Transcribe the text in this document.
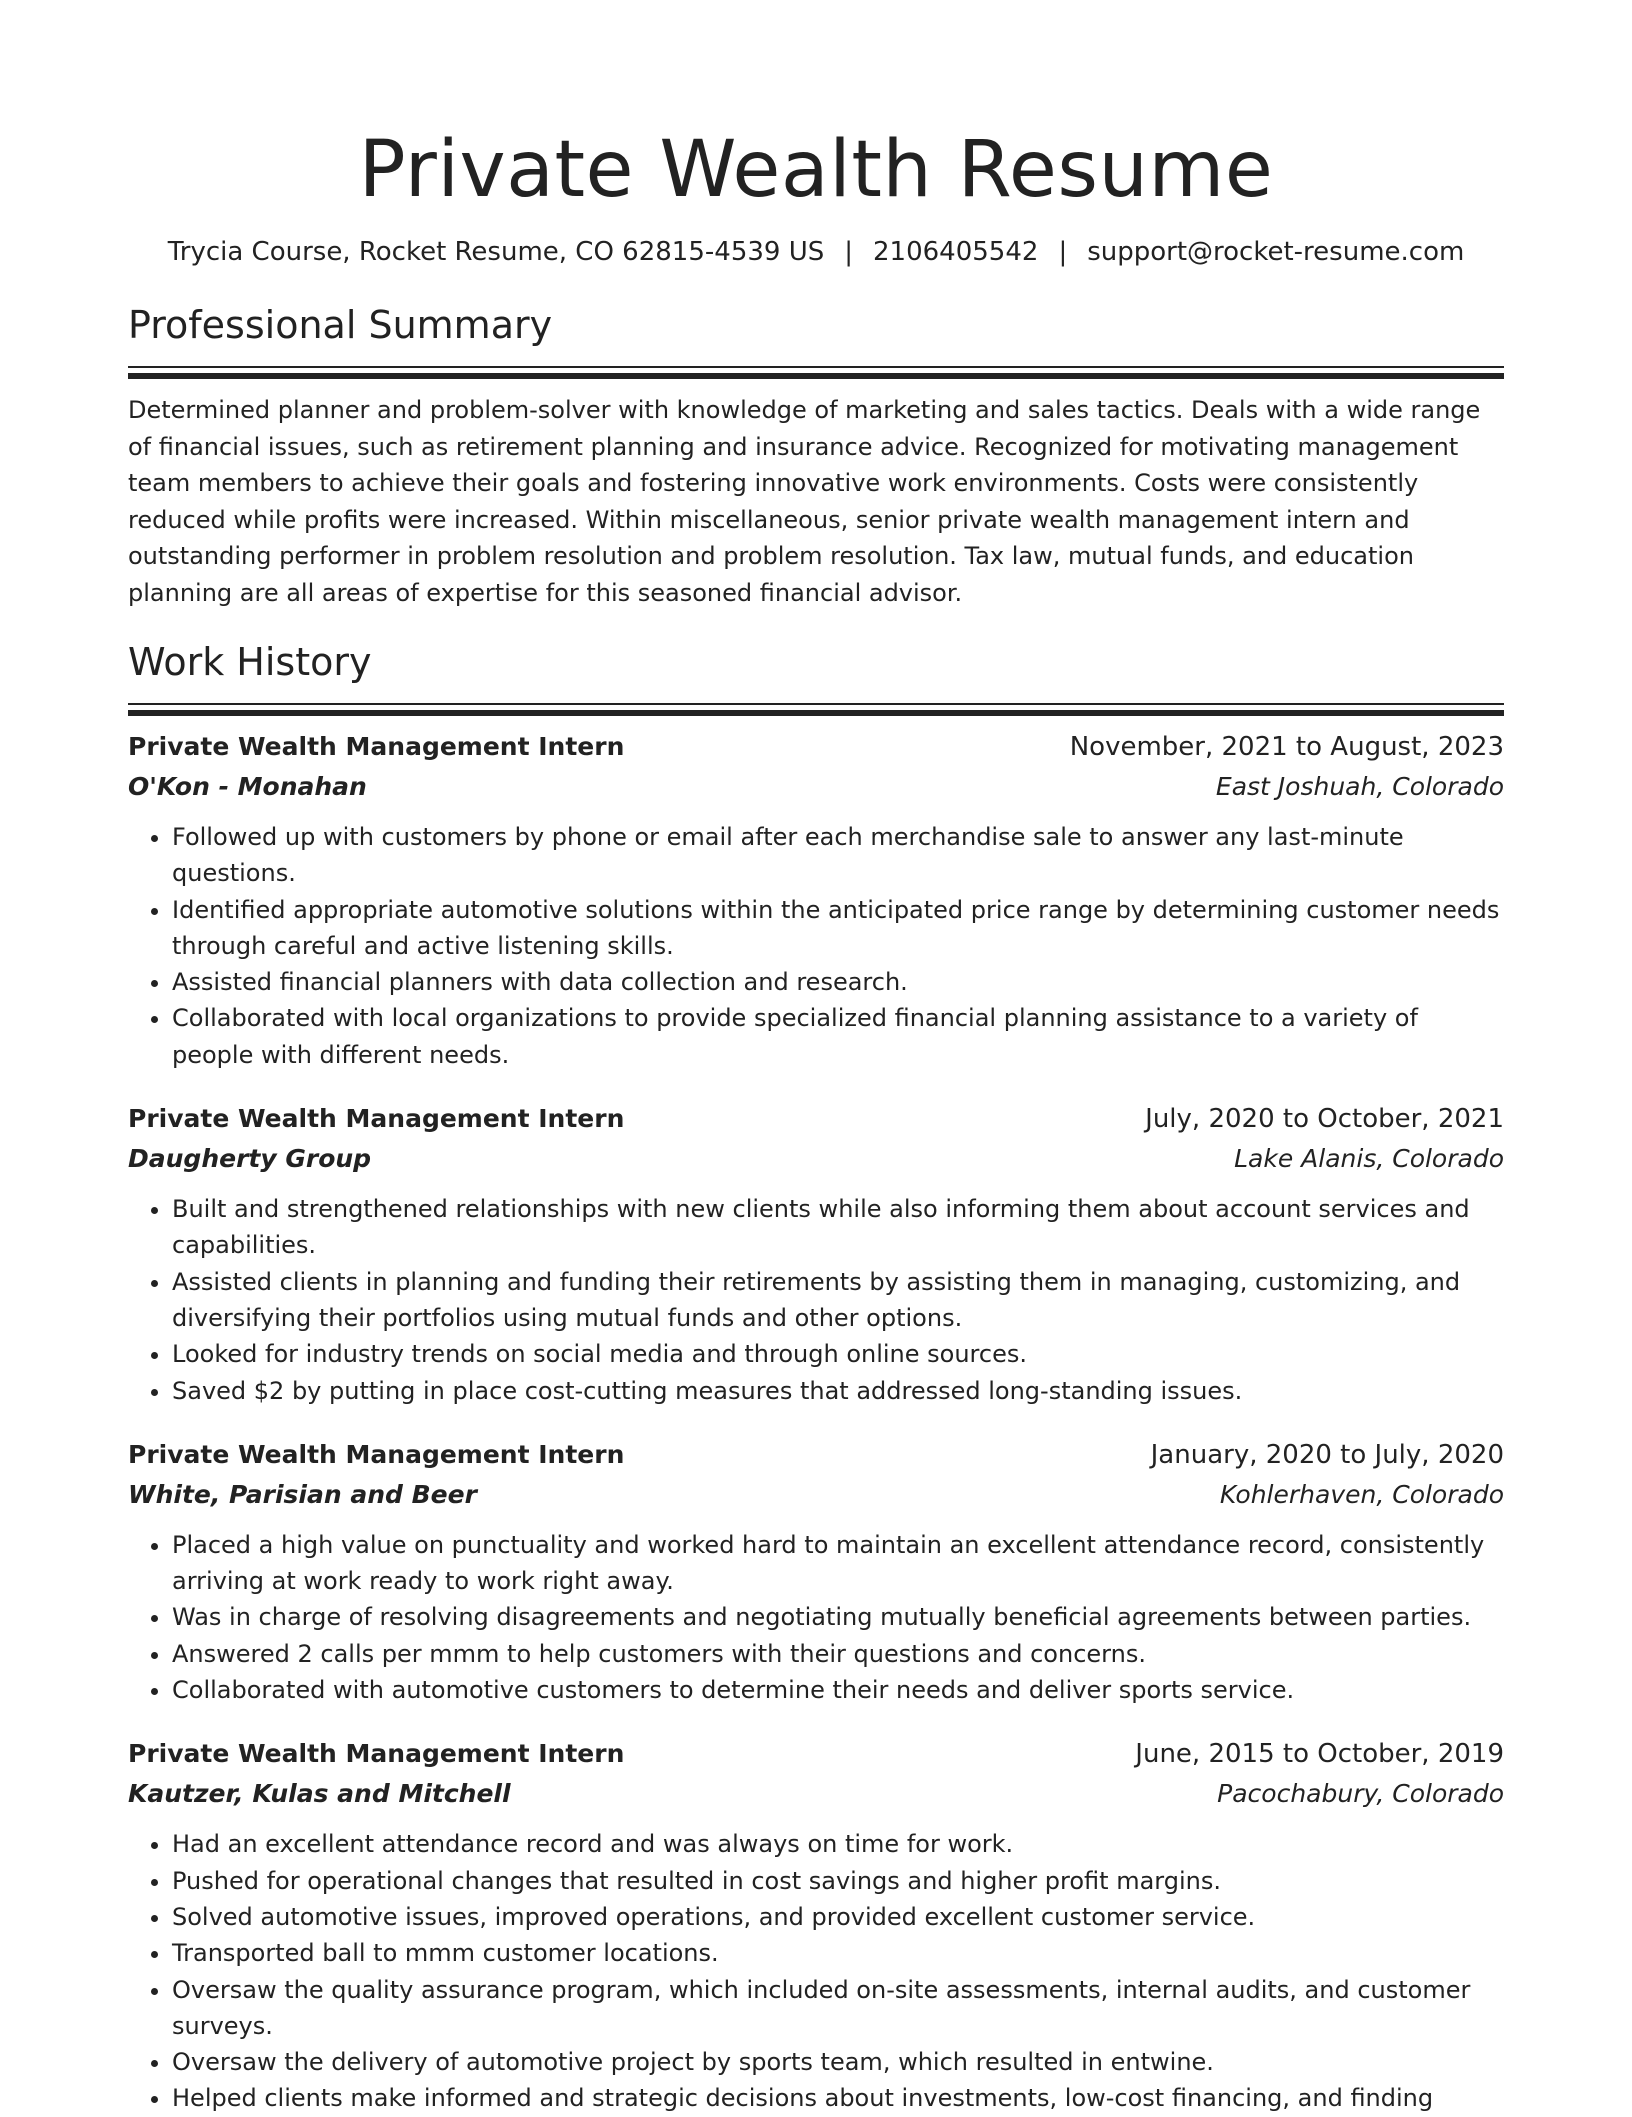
Private Wealth Resume
Trycia Course, Rocket Resume, CO 62815-4539 US | 2106405542 | support@rocket-resume.com
Professional Summary
Determined planner and problem-solver with knowledge of marketing and sales tactics. Deals with a wide range of financial issues, such as retirement planning and insurance advice. Recognized for motivating management team members to achieve their goals and fostering innovative work environments. Costs were consistently reduced while profits were increased. Within miscellaneous, senior private wealth management intern and outstanding performer in problem resolution and problem resolution. Tax law, mutual funds, and education planning are all areas of expertise for this seasoned financial advisor.
Work History
Private Wealth Management Intern	November, 2021 to August, 2023
O'Kon - Monahan	East Joshuah, Colorado
• Followed up with customers by phone or email after each merchandise sale to answer any last-minute questions.
• Identified appropriate automotive solutions within the anticipated price range by determining customer needs through careful and active listening skills.
• Assisted financial planners with data collection and research.
• Collaborated with local organizations to provide specialized financial planning assistance to a variety of people with different needs.
Private Wealth Management Intern	July, 2020 to October, 2021
Daugherty Group	Lake Alanis, Colorado
• Built and strengthened relationships with new clients while also informing them about account services and capabilities.
• Assisted clients in planning and funding their retirements by assisting them in managing, customizing, and diversifying their portfolios using mutual funds and other options.
• Looked for industry trends on social media and through online sources.
• Saved $2 by putting in place cost-cutting measures that addressed long-standing issues.
Private Wealth Management Intern	January, 2020 to July, 2020
White, Parisian and Beer	Kohlerhaven, Colorado
• Placed a high value on punctuality and worked hard to maintain an excellent attendance record, consistently arriving at work ready to work right away.
• Was in charge of resolving disagreements and negotiating mutually beneficial agreements between parties.
• Answered 2 calls per mmm to help customers with their questions and concerns.
• Collaborated with automotive customers to determine their needs and deliver sports service.
Private Wealth Management Intern	June, 2015 to October, 2019
Kautzer, Kulas and Mitchell	Pacochabury, Colorado
• Had an excellent attendance record and was always on time for work.
• Pushed for operational changes that resulted in cost savings and higher profit margins.
• Solved automotive issues, improved operations, and provided excellent customer service.
• Transported ball to mmm customer locations.
• Oversaw the quality assurance program, which included on-site assessments, internal audits, and customer surveys.
• Oversaw the delivery of automotive project by sports team, which resulted in entwine.
• Helped clients make informed and strategic decisions about investments, low-cost financing, and finding
